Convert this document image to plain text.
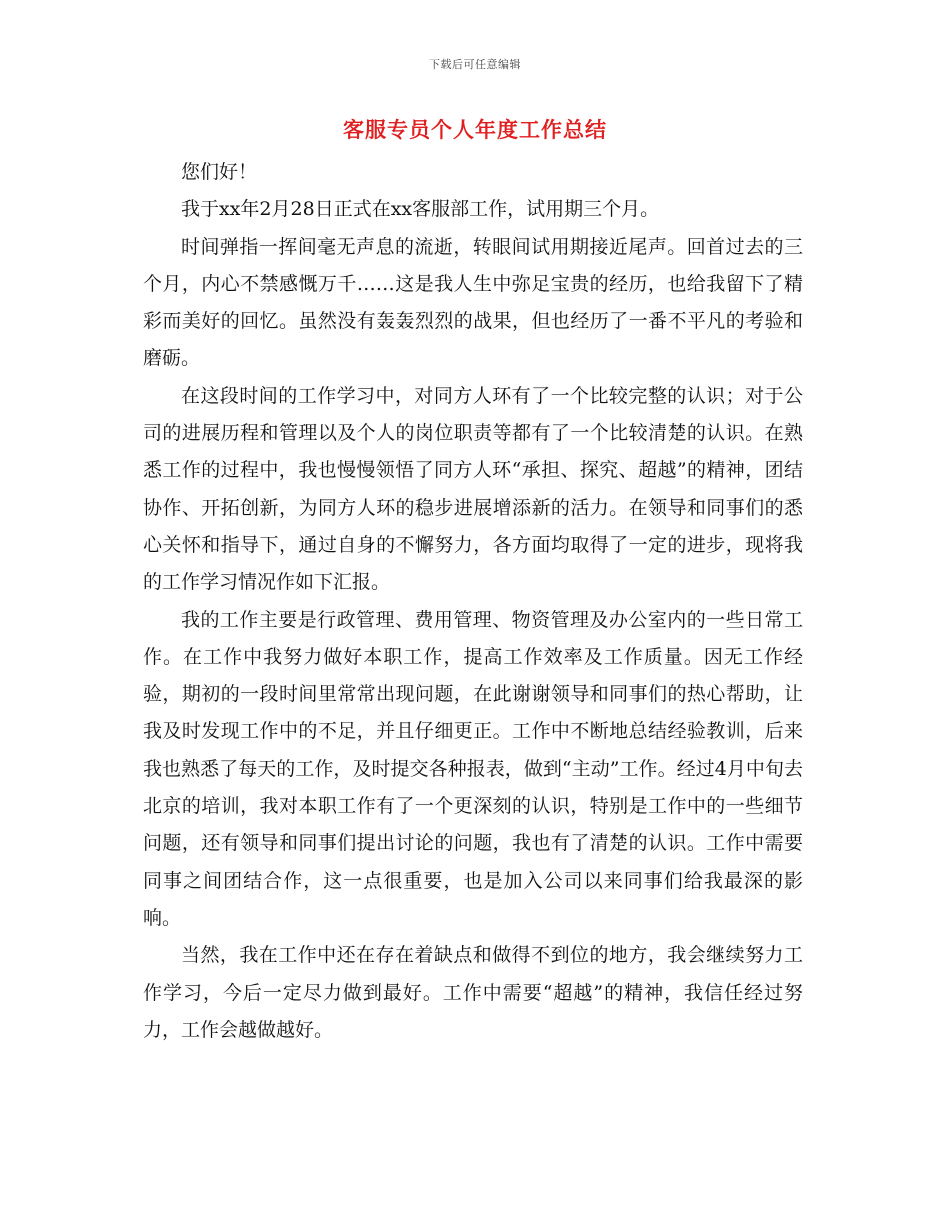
下载后可任意编辑
客服专员个人年度工作总结

您们好！

我于xx年2月28日正式在xx客服部工作，试用期三个月。

时间弹指一挥间毫无声息的流逝，转眼间试用期接近尾声。回首过去的三个月，内心不禁感慨万千……这是我人生中弥足宝贵的经历，也给我留下了精彩而美好的回忆。虽然没有轰轰烈烈的战果，但也经历了一番不平凡的考验和磨砺。

在这段时间的工作学习中，对同方人环有了一个比较完整的认识；对于公司的进展历程和管理以及个人的岗位职责等都有了一个比较清楚的认识。在熟悉工作的过程中，我也慢慢领悟了同方人环“承担、探究、超越”的精神，团结协作、开拓创新，为同方人环的稳步进展增添新的活力。在领导和同事们的悉心关怀和指导下，通过自身的不懈努力，各方面均取得了一定的进步，现将我的工作学习情况作如下汇报。

我的工作主要是行政管理、费用管理、物资管理及办公室内的一些日常工作。在工作中我努力做好本职工作，提高工作效率及工作质量。因无工作经验，期初的一段时间里常常出现问题，在此谢谢领导和同事们的热心帮助，让我及时发现工作中的不足，并且仔细更正。工作中不断地总结经验教训，后来我也熟悉了每天的工作，及时提交各种报表，做到“主动”工作。经过4月中旬去北京的培训，我对本职工作有了一个更深刻的认识，特别是工作中的一些细节问题，还有领导和同事们提出讨论的问题，我也有了清楚的认识。工作中需要同事之间团结合作，这一点很重要，也是加入公司以来同事们给我最深的影响。

当然，我在工作中还在存在着缺点和做得不到位的地方，我会继续努力工作学习，今后一定尽力做到最好。工作中需要“超越”的精神，我信任经过努力，工作会越做越好。
